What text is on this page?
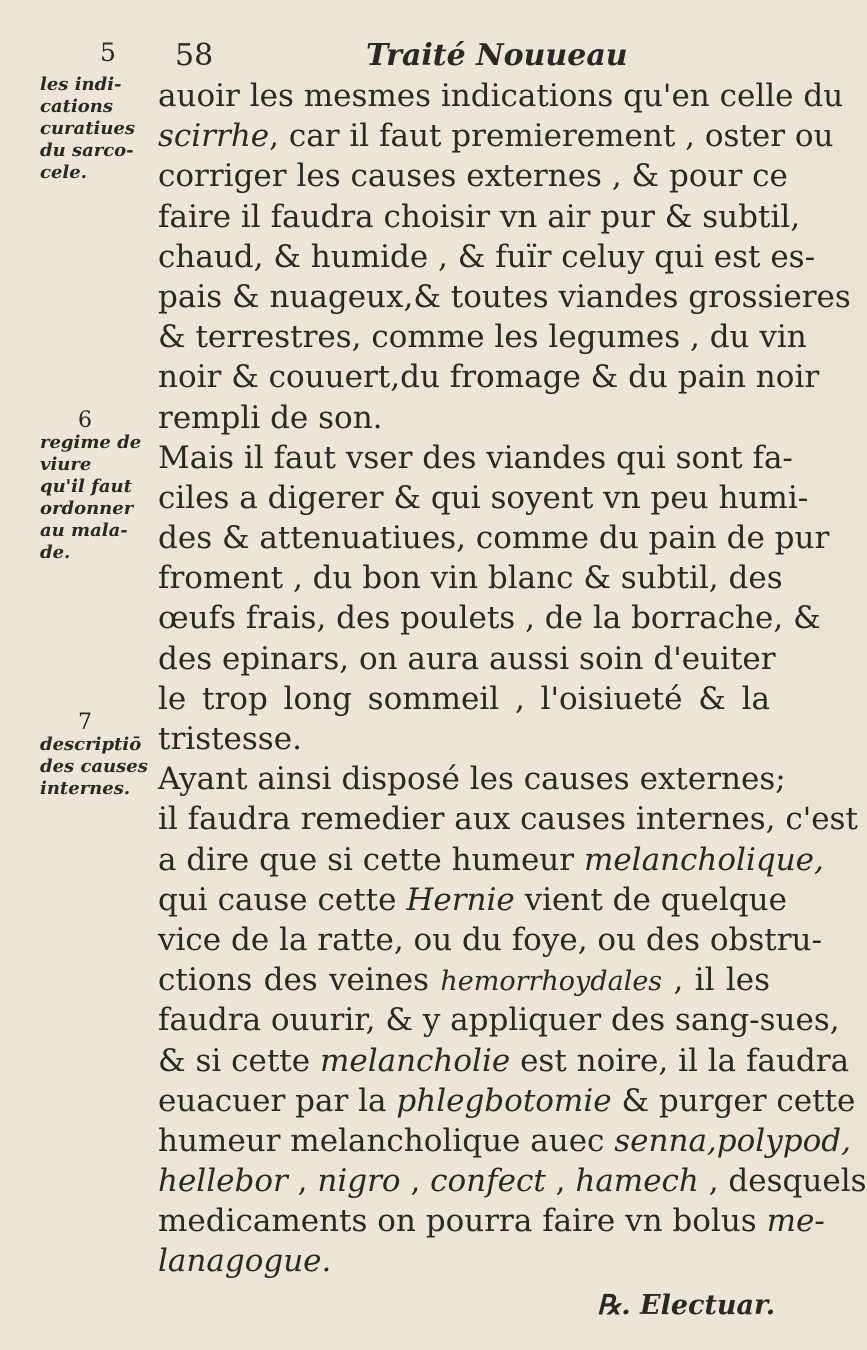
5 58	Traité Nouueau
les indi-
cations
curatiues
du sarco-
cele.
6
regime de
viure
qu'il faut
ordonner
au mala-
de.
7
descriptiō
des causes
internes.
auoir les mesmes indications qu'en celle du
scirrhe, car il faut premierement , oster ou
corriger les causes externes , & pour ce
faire il faudra choisir vn air pur & subtil,
chaud, & humide , & fuïr celuy qui est es-
pais & nuageux,& toutes viandes grossieres
& terrestres, comme les legumes , du vin
noir & couuert,du fromage & du pain noir
rempli de son.
Mais il faut vser des viandes qui sont fa-
ciles a digerer & qui soyent vn peu humi-
des & attenuatiues, comme du pain de pur
froment , du bon vin blanc & subtil, des
œufs frais, des poulets , de la borrache, &
des epinars, on aura aussi soin d'euiter
le trop long sommeil , l'oisiueté & la
tristesse.
Ayant ainsi disposé les causes externes;
il faudra remedier aux causes internes, c'est
a dire que si cette humeur melancholique,
qui cause cette Hernie vient de quelque
vice de la ratte, ou du foye, ou des obstru-
ctions des veines hemorrhoydales , il les
faudra ouurir, & y appliquer des sang-sues,
& si cette melancholie est noire, il la faudra
euacuer par la phlegbotomie & purger cette
humeur melancholique auec senna,polypod,
hellebor , nigro , confect , hamech , desquels
medicaments on pourra faire vn bolus me-
lanagogue.
℞. Electuar.
